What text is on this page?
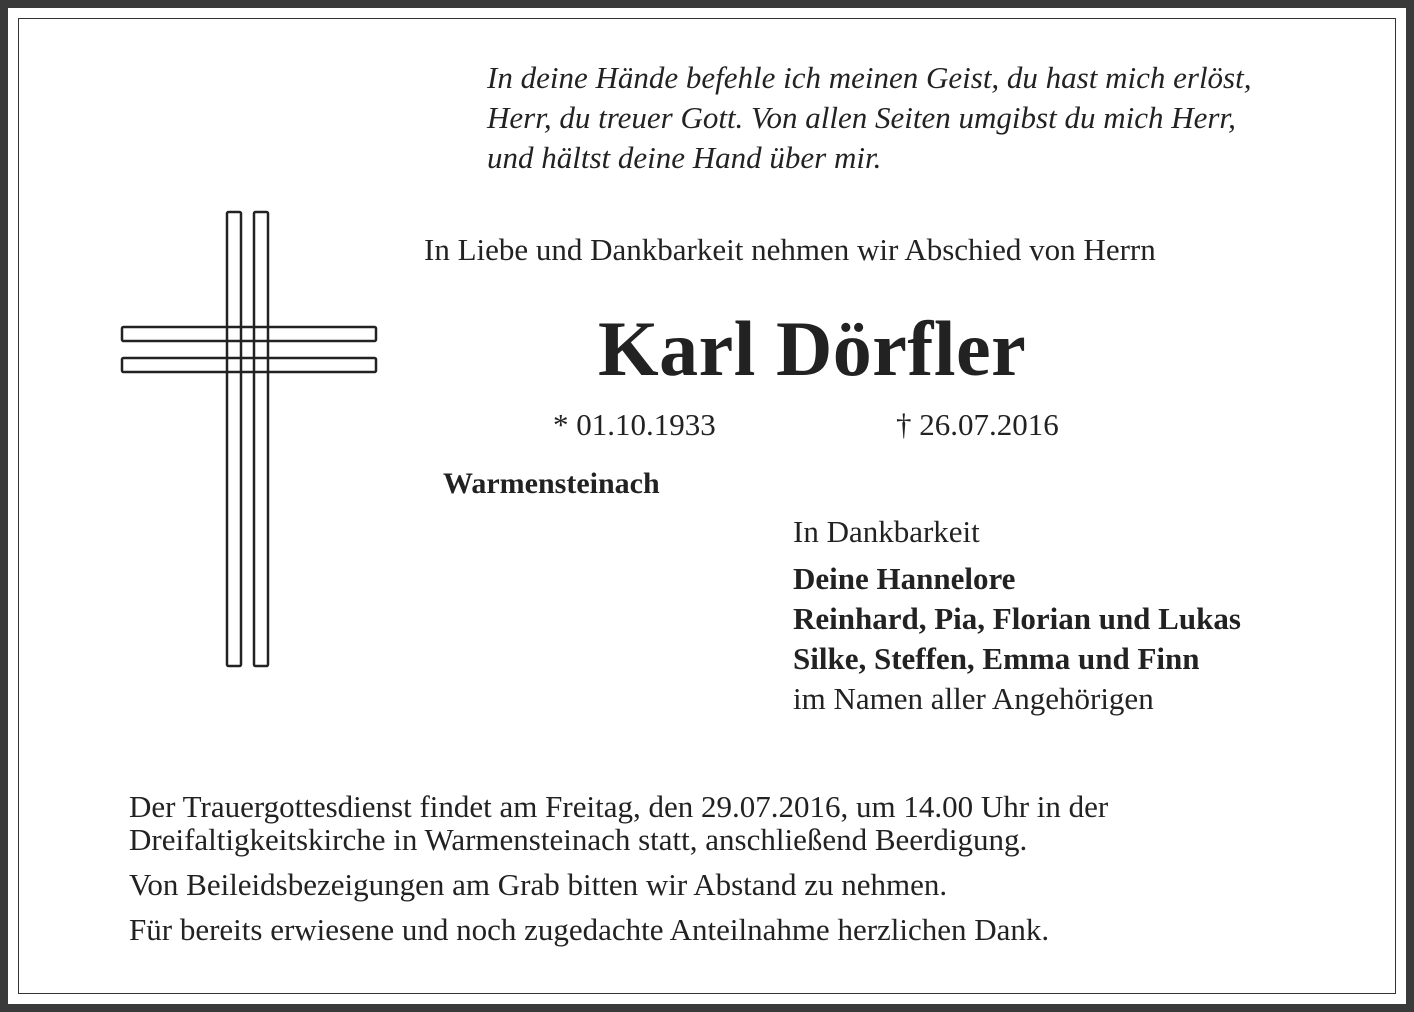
In deine Hände befehle ich meinen Geist, du hast mich erlöst,
Herr, du treuer Gott. Von allen Seiten umgibst du mich Herr,
und hältst deine Hand über mir.
In Liebe und Dankbarkeit nehmen wir Abschied von Herrn
Karl Dörfler
* 01.10.1933	† 26.07.2016
Warmensteinach
In Dankbarkeit
Deine Hannelore
Reinhard, Pia, Florian und Lukas
Silke, Steffen, Emma und Finn
im Namen aller Angehörigen
Der Trauergottesdienst findet am Freitag, den 29.07.2016, um 14.00 Uhr in der
Dreifaltigkeitskirche in Warmensteinach statt, anschließend Beerdigung.
Von Beileidsbezeigungen am Grab bitten wir Abstand zu nehmen.
Für bereits erwiesene und noch zugedachte Anteilnahme herzlichen Dank.
